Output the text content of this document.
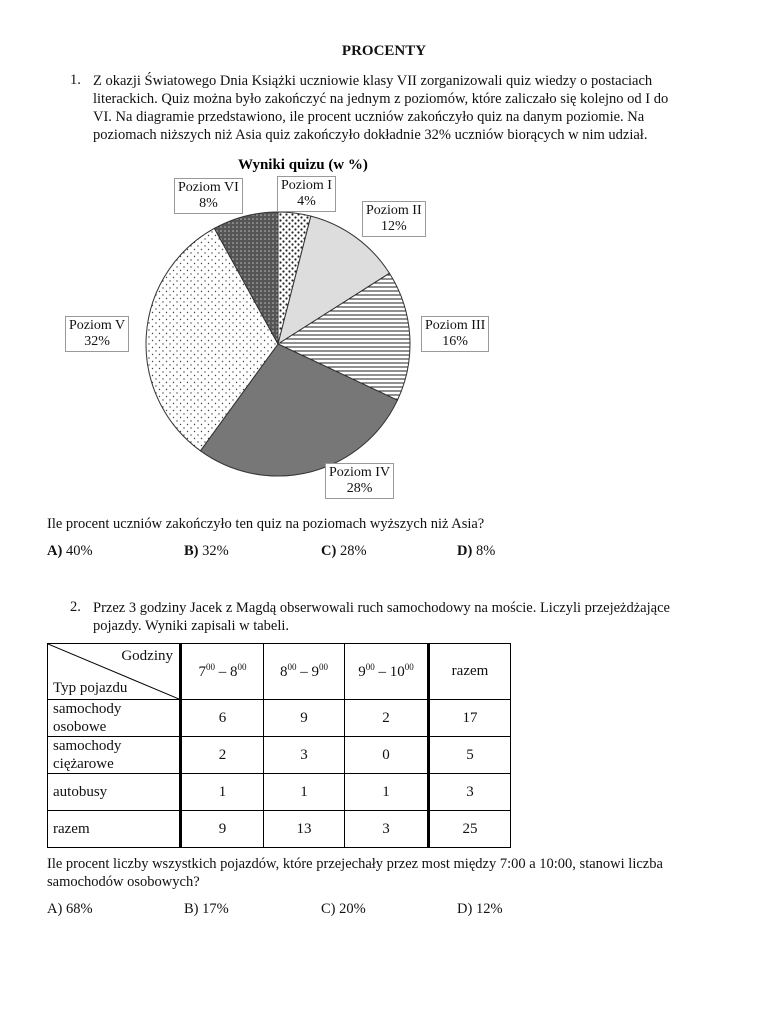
PROCENTY
1. Z okazji Światowego Dnia Książki uczniowie klasy VII zorganizowali quiz wiedzy o postaciach
literackich. Quiz można było zakończyć na jednym z poziomów, które zaliczało się kolejno od I do
VI. Na diagramie przedstawiono, ile procent uczniów zakończyło quiz na danym poziomie. Na
poziomach niższych niż Asia quiz zakończyło dokładnie 32% uczniów biorących w nim udział.
Wyniki quizu (w %)
Poziom VI
8%
Poziom I
4%
Poziom II
12%
Poziom III
16%
Poziom IV
28%
Poziom V
32%
Ile procent uczniów zakończyło ten quiz na poziomach wyższych niż Asia?
A) 40%	B) 32%	C) 28%	D) 8%
2. Przez 3 godziny Jacek z Magdą obserwowali ruch samochodowy na moście. Liczyli przejeżdżające
pojazdy. Wyniki zapisali w tabeli.
Godziny
Typ pojazdu	$7^{00} - 8^{00}$	$8^{00} - 9^{00}$	$9^{00} - 10^{00}$	razem

samochody
osobowe	6	9	2	17

samochody
ciężarowe	2	3	0	5

autobusy	1	1	1	3
razem	9	13	3	25
Ile procent liczby wszystkich pojazdów, które przejechały przez most między 7:00 a 10:00, stanowi liczba
samochodów osobowych?
A) 68%	B) 17%	C) 20%	D) 12%
